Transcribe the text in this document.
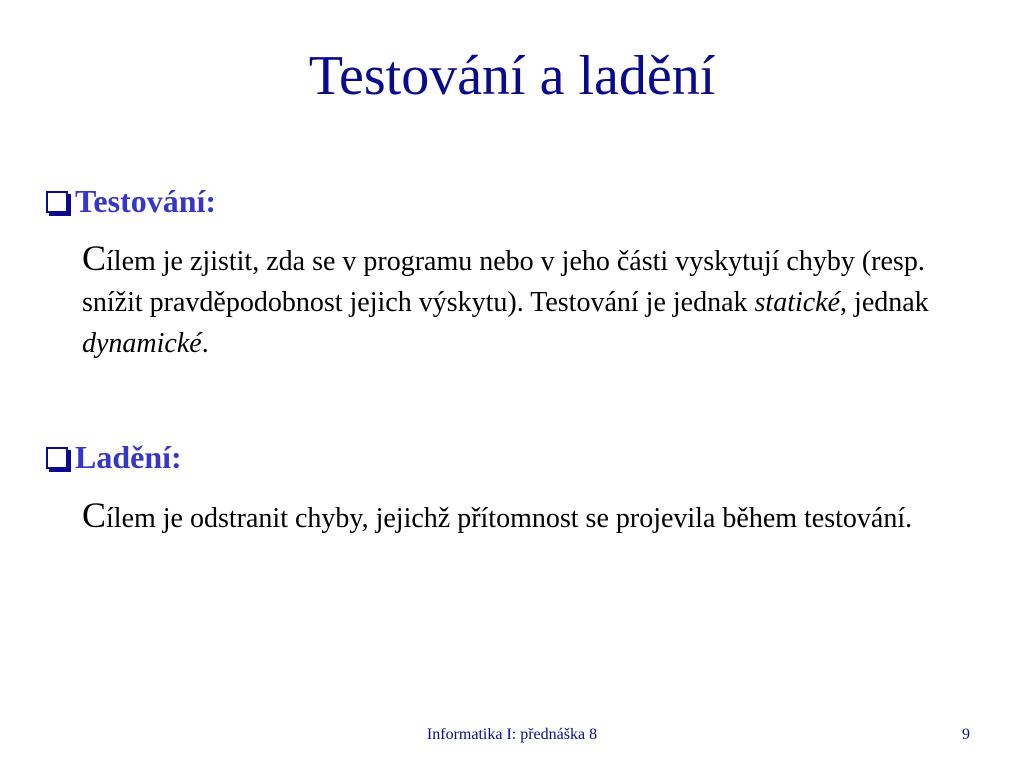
Testování a ladění
Testování:

Cílem je zjistit, zda se v programu nebo v jeho části vyskytují chyby (resp. snížit pravděpodobnost jejich výskytu). Testování je jednak statické, jednak dynamické.

Ladění:

Cílem je odstranit chyby, jejichž přítomnost se projevila během testování.

Informatika I: přednáška 8	9
